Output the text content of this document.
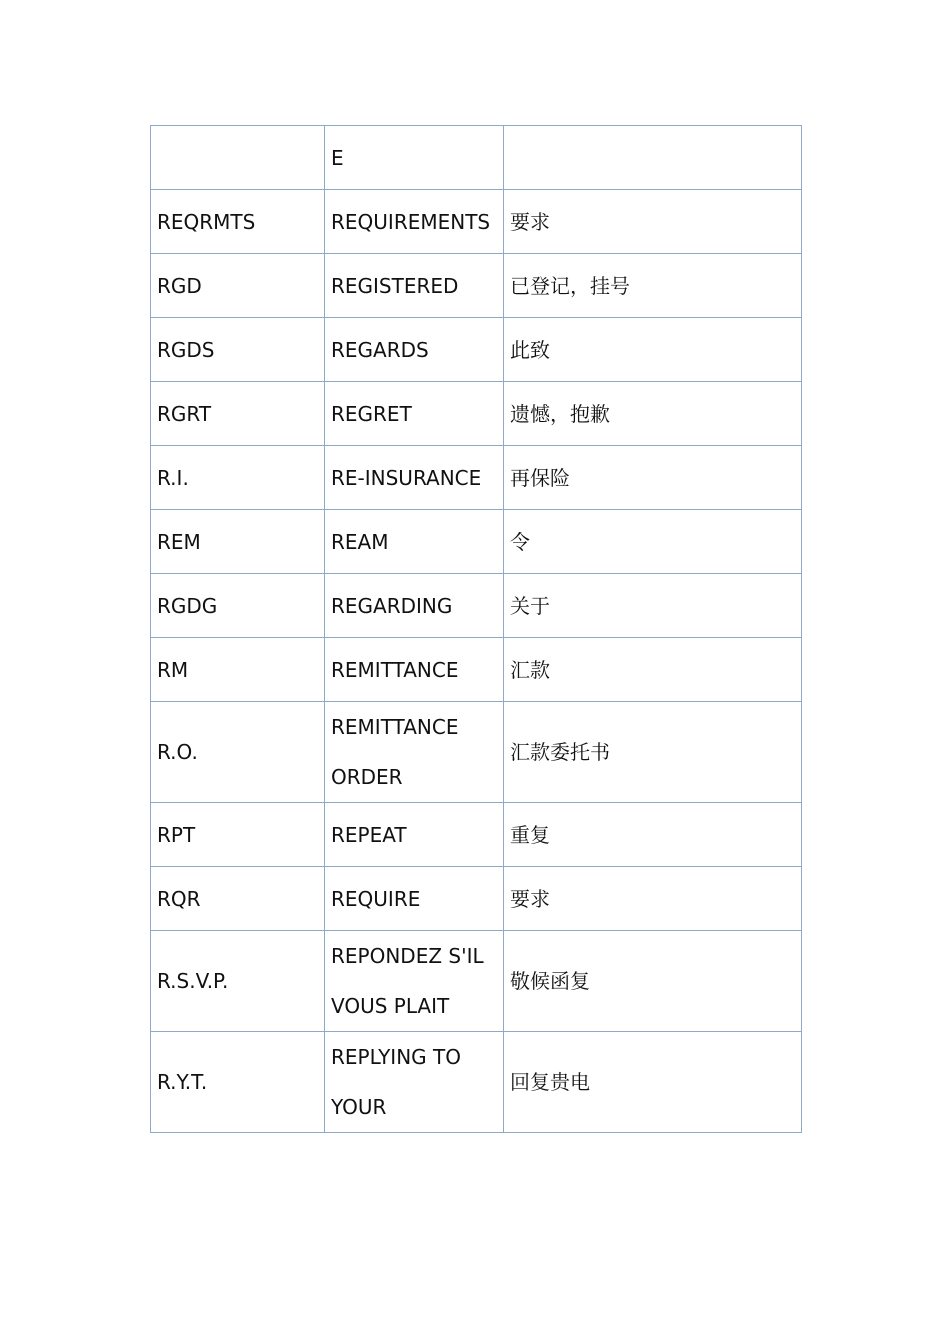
	E	
REQRMTS	REQUIREMENTS	要求
RGD	REGISTERED	已登记，挂号
RGDS	REGARDS	此致
RGRT	REGRET	遗憾，抱歉
R.I.	RE-INSURANCE	再保险
REM	REAM	令
RGDG	REGARDING	关于
RM	REMITTANCE	汇款
R.O.	REMITTANCE ORDER	汇款委托书
RPT	REPEAT	重复
RQR	REQUIRE	要求
R.S.V.P.	REPONDEZ S'IL VOUS PLAIT	敬候函复
R.Y.T.	REPLYING TO YOUR	回复贵电
